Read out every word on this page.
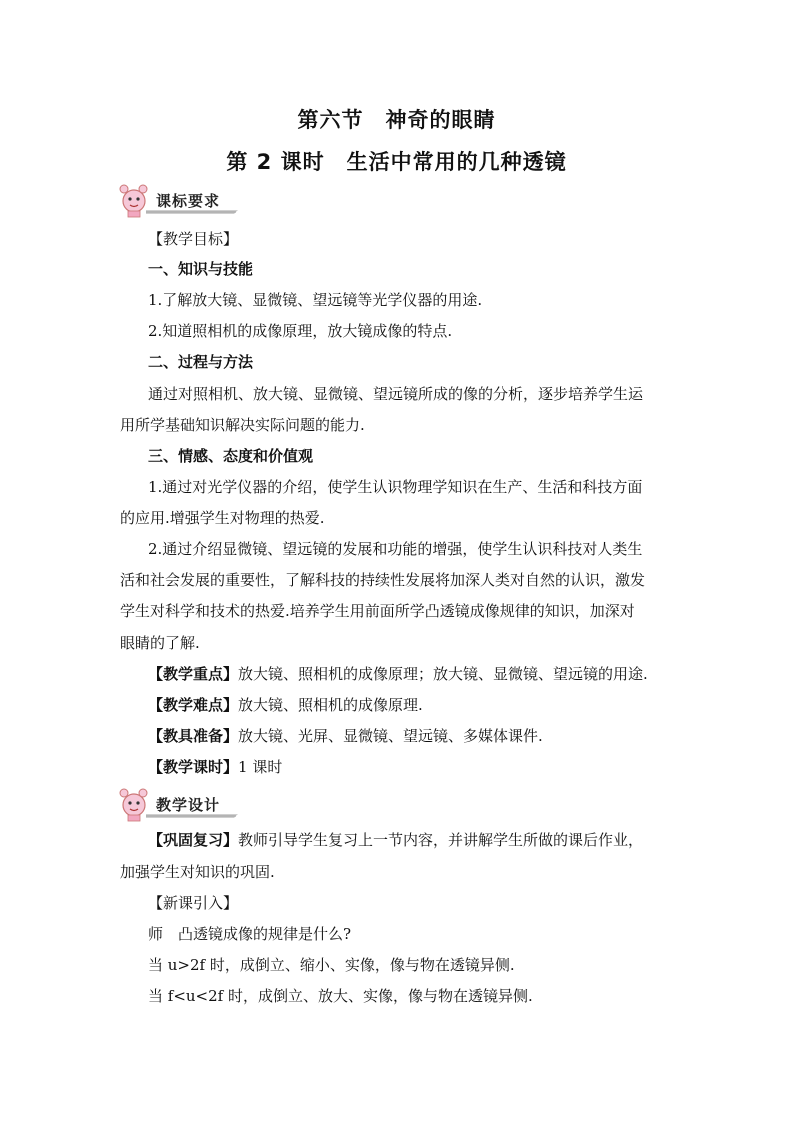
第六节　神奇的眼睛
第 2 课时　生活中常用的几种透镜
课标要求
【教学目标】
一、知识与技能
1.了解放大镜、显微镜、望远镜等光学仪器的用途.
2.知道照相机的成像原理，放大镜成像的特点.
二、过程与方法
通过对照相机、放大镜、显微镜、望远镜所成的像的分析，逐步培养学生运
用所学基础知识解决实际问题的能力.
三、情感、态度和价值观
1.通过对光学仪器的介绍，使学生认识物理学知识在生产、生活和科技方面
的应用.增强学生对物理的热爱.
2.通过介绍显微镜、望远镜的发展和功能的增强，使学生认识科技对人类生
活和社会发展的重要性，了解科技的持续性发展将加深人类对自然的认识，激发
学生对科学和技术的热爱.培养学生用前面所学凸透镜成像规律的知识，加深对
眼睛的了解.
【教学重点】放大镜、照相机的成像原理；放大镜、显微镜、望远镜的用途.
【教学难点】放大镜、照相机的成像原理.
【教具准备】放大镜、光屏、显微镜、望远镜、多媒体课件.
【教学课时】1 课时
教学设计
【巩固复习】教师引导学生复习上一节内容，并讲解学生所做的课后作业，
加强学生对知识的巩固.
【新课引入】
师　凸透镜成像的规律是什么?
当 u>2f 时，成倒立、缩小、实像，像与物在透镜异侧.
当 f<u<2f 时，成倒立、放大、实像，像与物在透镜异侧.
